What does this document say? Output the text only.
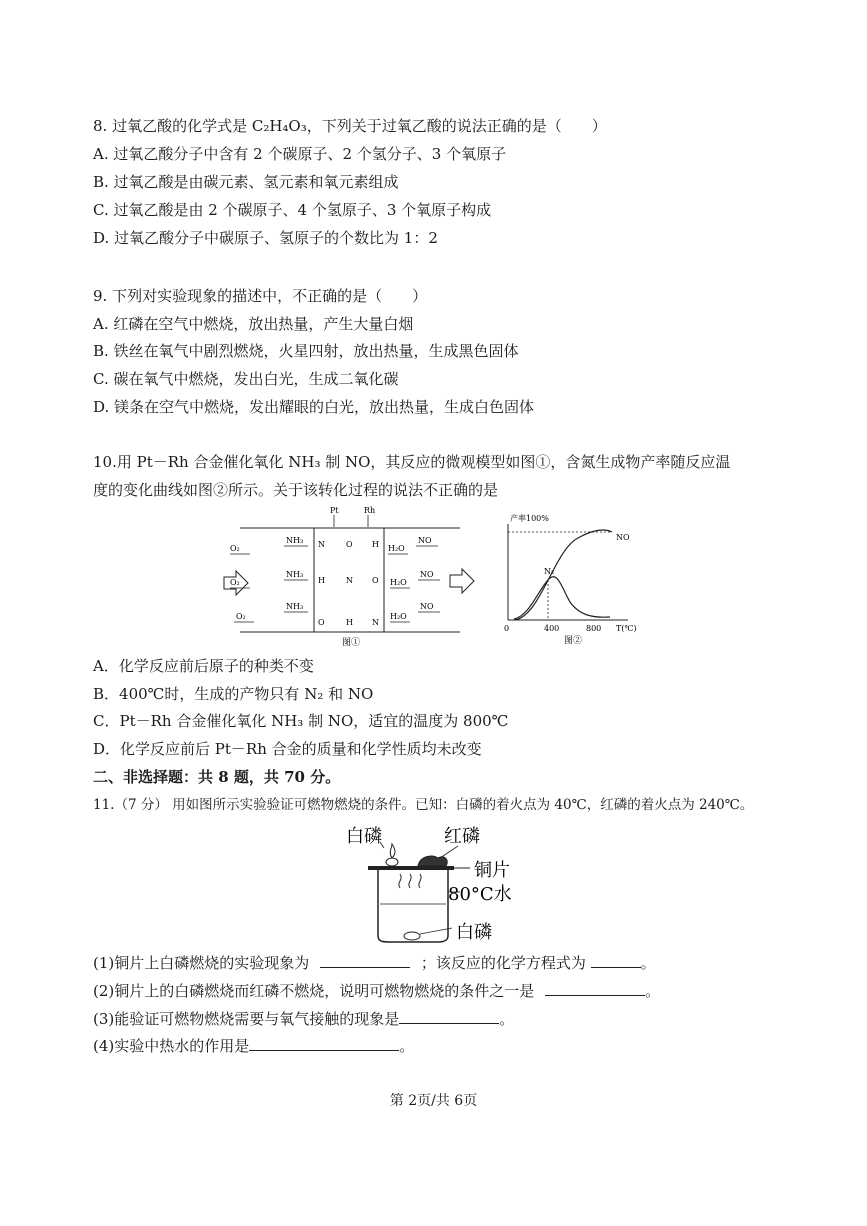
8. 过氧乙酸的化学式是 C₂H₄O₃，下列关于过氧乙酸的说法正确的是（　　）
A. 过氧乙酸分子中含有 2 个碳原子、2 个氢分子、3 个氧原子
B. 过氧乙酸是由碳元素、氢元素和氧元素组成
C. 过氧乙酸是由 2 个碳原子、4 个氢原子、3 个氧原子构成
D. 过氧乙酸分子中碳原子、氢原子的个数比为 1：2
9. 下列对实验现象的描述中，不正确的是（　　）
A. 红磷在空气中燃烧，放出热量，产生大量白烟
B. 铁丝在氧气中剧烈燃烧，火星四射，放出热量，生成黑色固体
C. 碳在氧气中燃烧，发出白光，生成二氧化碳
D. 镁条在空气中燃烧，发出耀眼的白光，放出热量，生成白色固体
10.用 Pt－Rh 合金催化氧化 NH₃ 制 NO，其反应的微观模型如图①，含氮生成物产率随反应温
度的变化曲线如图②所示。关于该转化过程的说法不正确的是
Pt	Rh
O₂
NH₃ N	O H H₂O
NO
O₂
NH₃
H	N O H₂O
NO
O₂
NH₃
O	H N
H₂O
NO
图①
产率100%
NO
N₂
0	400	800 T(℃)
图②
A．化学反应前后原子的种类不变
B．400℃时，生成的产物只有 N₂ 和 NO
C．Pt－Rh 合金催化氧化 NH₃ 制 NO，适宜的温度为 800℃
D．化学反应前后 Pt－Rh 合金的质量和化学性质均未改变
二、非选择题：共 8 题，共 70 分。
11.（7 分） 用如图所示实验验证可燃物燃烧的条件。已知：白磷的着火点为 40℃，红磷的着火点为 240℃。
白磷	红磷
铜片
80°C水
白磷
(1)铜片上白磷燃烧的实验现象为	；该反应的化学方程式为	。
(2)铜片上的白磷燃烧而红磷不燃烧，说明可燃物燃烧的条件之一是	。
(3)能验证可燃物燃烧需要与氧气接触的现象是	。
(4)实验中热水的作用是	。
第 2页/共 6页
